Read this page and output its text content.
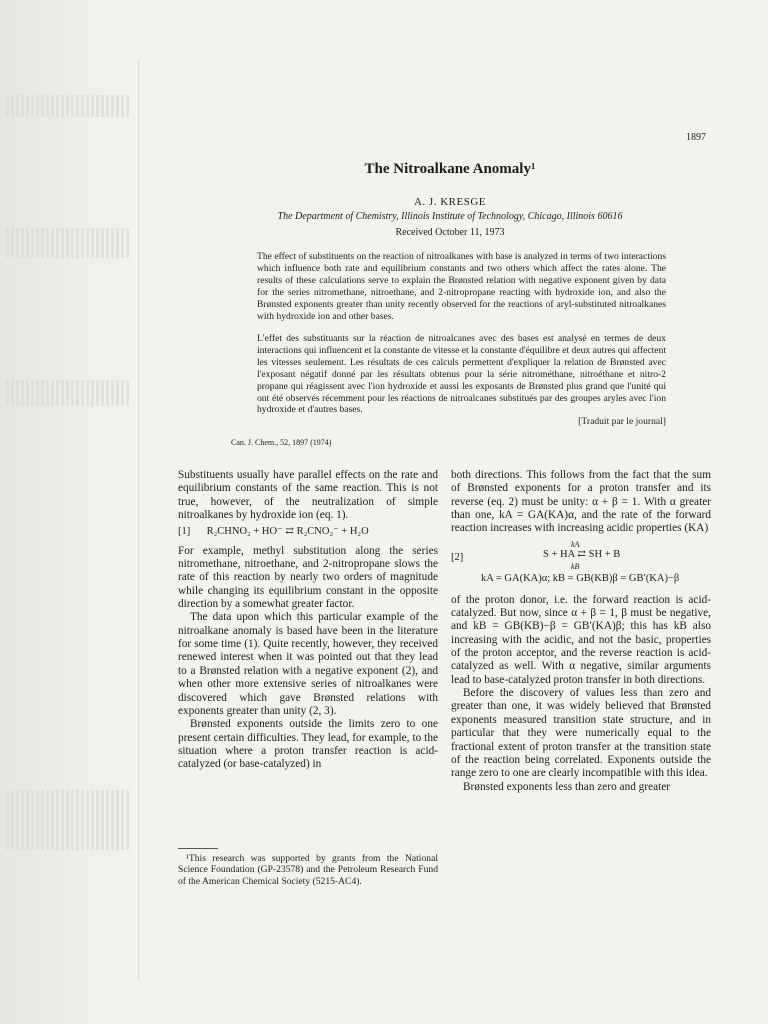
1897
The Nitroalkane Anomaly¹
A. J. KRESGE
The Department of Chemistry, Illinois Institute of Technology, Chicago, Illinois 60616
Received October 11, 1973

The effect of substituents on the reaction of nitroalkanes with base is analyzed in terms of two interactions which influence both rate and equilibrium constants and two others which affect the rates alone. The results of these calculations serve to explain the Brønsted relation with negative exponent given by data for the series nitromethane, nitroethane, and 2-nitropropane reacting with hydroxide ion, and also the Brønsted exponents greater than unity recently observed for the reactions of aryl-substituted nitroalkanes with hydroxide ion and other bases.

L'effet des substituants sur la réaction de nitroalcanes avec des bases est analysé en termes de deux interactions qui influencent et la constante de vitesse et la constante d'équilibre et deux autres qui affectent les vitesses seulement. Les résultats de ces calculs permettent d'expliquer la relation de Brønsted avec l'exposant négatif donné par les résultats obtenus pour la série nitrométhane, nitroéthane et nitro-2 propane qui réagissent avec l'ion hydroxide et aussi les exposants de Brønsted plus grand que l'unité qui ont été observés récemment pour les réactions de nitroalcanes substitués par des groupes aryles avec l'ion hydroxide et d'autres bases.
[Traduit par le journal]
Can. J. Chem., 52, 1897 (1974)

Substituents usually have parallel effects on the rate and equilibrium constants of the same reaction. This is not true, however, of the neutralization of simple nitroalkanes by hydroxide ion (eq. 1).

[1] R₂CHNO₂ + HO⁻ ⇄ R₂CNO₂⁻ + H₂O

For example, methyl substitution along the series nitromethane, nitroethane, and 2-nitropropane slows the rate of this reaction by nearly two orders of magnitude while changing its equilibrium constant in the opposite direction by a somewhat greater factor.

The data upon which this particular example of the nitroalkane anomaly is based have been in the literature for some time (1). Quite recently, however, they received renewed interest when it was pointed out that they lead to a Brønsted relation with a negative exponent (2), and when other more extensive series of nitroalkanes were discovered which gave Brønsted relations with exponents greater than unity (2, 3).

Brønsted exponents outside the limits zero to one present certain difficulties. They lead, for example, to the situation where a proton transfer reaction is acid-catalyzed (or base-catalyzed) in

¹This research was supported by grants from the National Science Foundation (GP-23578) and the Petroleum Research Fund of the American Chemical Society (5215-AC4).

both directions. This follows from the fact that the sum of Brønsted exponents for a proton transfer and its reverse (eq. 2) must be unity: α + β = 1. With α greater than one, kA = GA(KA)α, and the rate of the forward reaction increases with increasing acidic properties (KA)

[2]
kA
S + HA ⇄ SH + B
kB
kA = GA(KA)α; kB = GB(KB)β = GB′(KA)−β

of the proton donor, i.e. the forward reaction is acid-catalyzed. But now, since α + β = 1, β must be negative, and kB = GB(KB)−β = GB′(KA)β; this has kB also increasing with the acidic, and not the basic, properties of the proton acceptor, and the reverse reaction is acid-catalyzed as well. With α negative, similar arguments lead to base-catalyzed proton transfer in both directions.

Before the discovery of values less than zero and greater than one, it was widely believed that Brønsted exponents measured transition state structure, and in particular that they were numerically equal to the fractional extent of proton transfer at the transition state of the reaction being correlated. Exponents outside the range zero to one are clearly incompatible with this idea.

Brønsted exponents less than zero and greater
